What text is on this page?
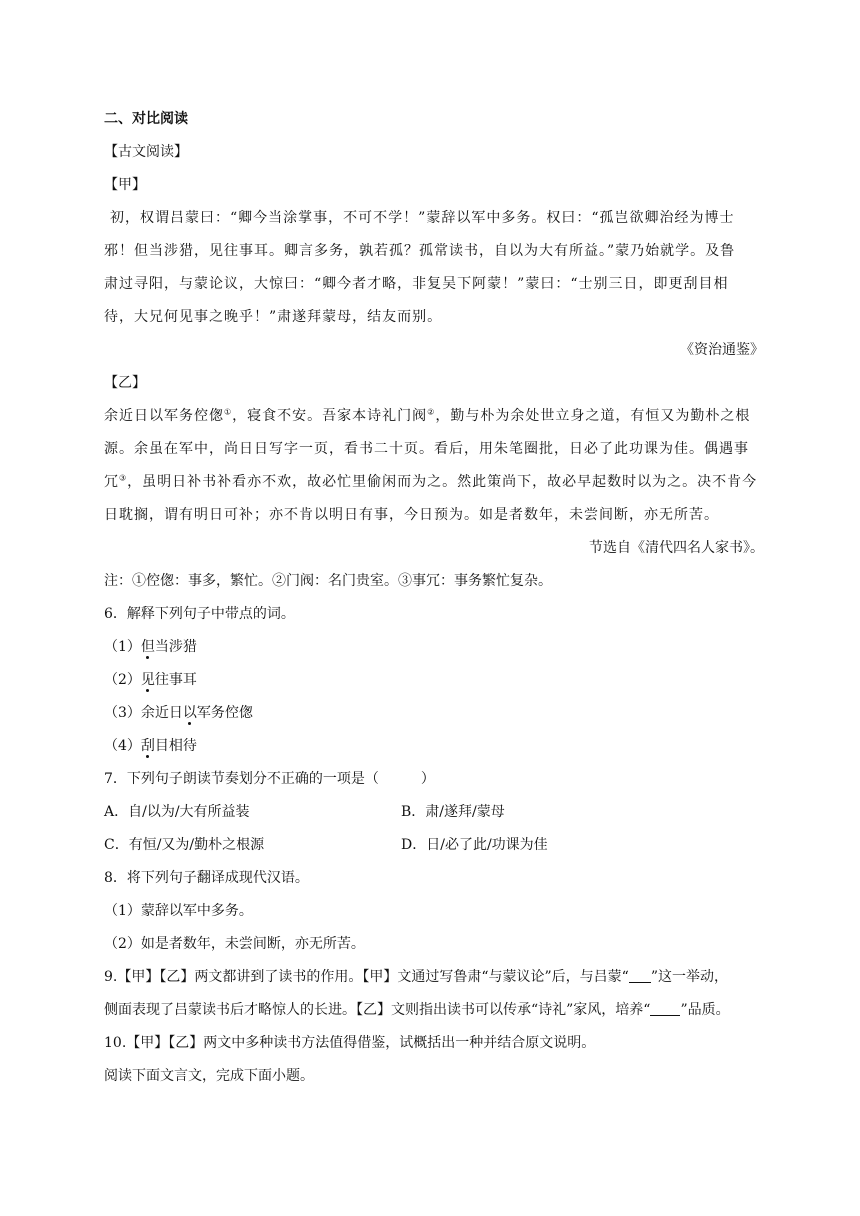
二、对比阅读
【古文阅读】
【甲】
初，权谓吕蒙曰：“卿今当涂掌事，不可不学！”蒙辞以军中多务。权曰：“孤岂欲卿治经为博士
邪！但当涉猎，见往事耳。卿言多务，孰若孤？孤常读书，自以为大有所益。”蒙乃始就学。及鲁
肃过寻阳，与蒙论议，大惊曰：“卿今者才略，非复吴下阿蒙！”蒙曰：“士别三日，即更刮目相
待，大兄何见事之晚乎！”肃遂拜蒙母，结友而别。
《资治通鉴》
【乙】
余近日以军务倥偬①，寝食不安。吾家本诗礼门阀②，勤与朴为余处世立身之道，有恒又为勤朴之根
源。余虽在军中，尚日日写字一页，看书二十页。看后，用朱笔圈批，日必了此功课为佳。偶遇事
冗③，虽明日补书补看亦不欢，故必忙里偷闲而为之。然此策尚下，故必早起数时以为之。决不肯今
日耽搁，谓有明日可补；亦不肯以明日有事，今日预为。如是者数年，未尝间断，亦无所苦。
节选自《清代四名人家书》。
注：①倥偬：事多，繁忙。②门阀：名门贵室。③事冗：事务繁忙复杂。
6．解释下列句子中带点的词。
（1）但当涉猎
（2）见往事耳
（3）余近日以军务倥偬
（4）刮目相待
7．下列句子朗读节奏划分不正确的一项是（　　　）
A．自/以为/大有所益装	B．肃/遂拜/蒙母
C．有恒/又为/勤朴之根源	D．日/必了此/功课为佳
8．将下列句子翻译成现代汉语。
（1）蒙辞以军中多务。
（2）如是者数年，未尝间断，亦无所苦。
9.【甲】【乙】两文都讲到了读书的作用。【甲】文通过写鲁肃“与蒙议论”后，与吕蒙“ ”这一举动，
侧面表现了吕蒙读书后才略惊人的长进。【乙】文则指出读书可以传承“诗礼”家风，培养“ ”品质。
10.【甲】【乙】两文中多种读书方法值得借鉴，试概括出一种并结合原文说明。
阅读下面文言文，完成下面小题。
